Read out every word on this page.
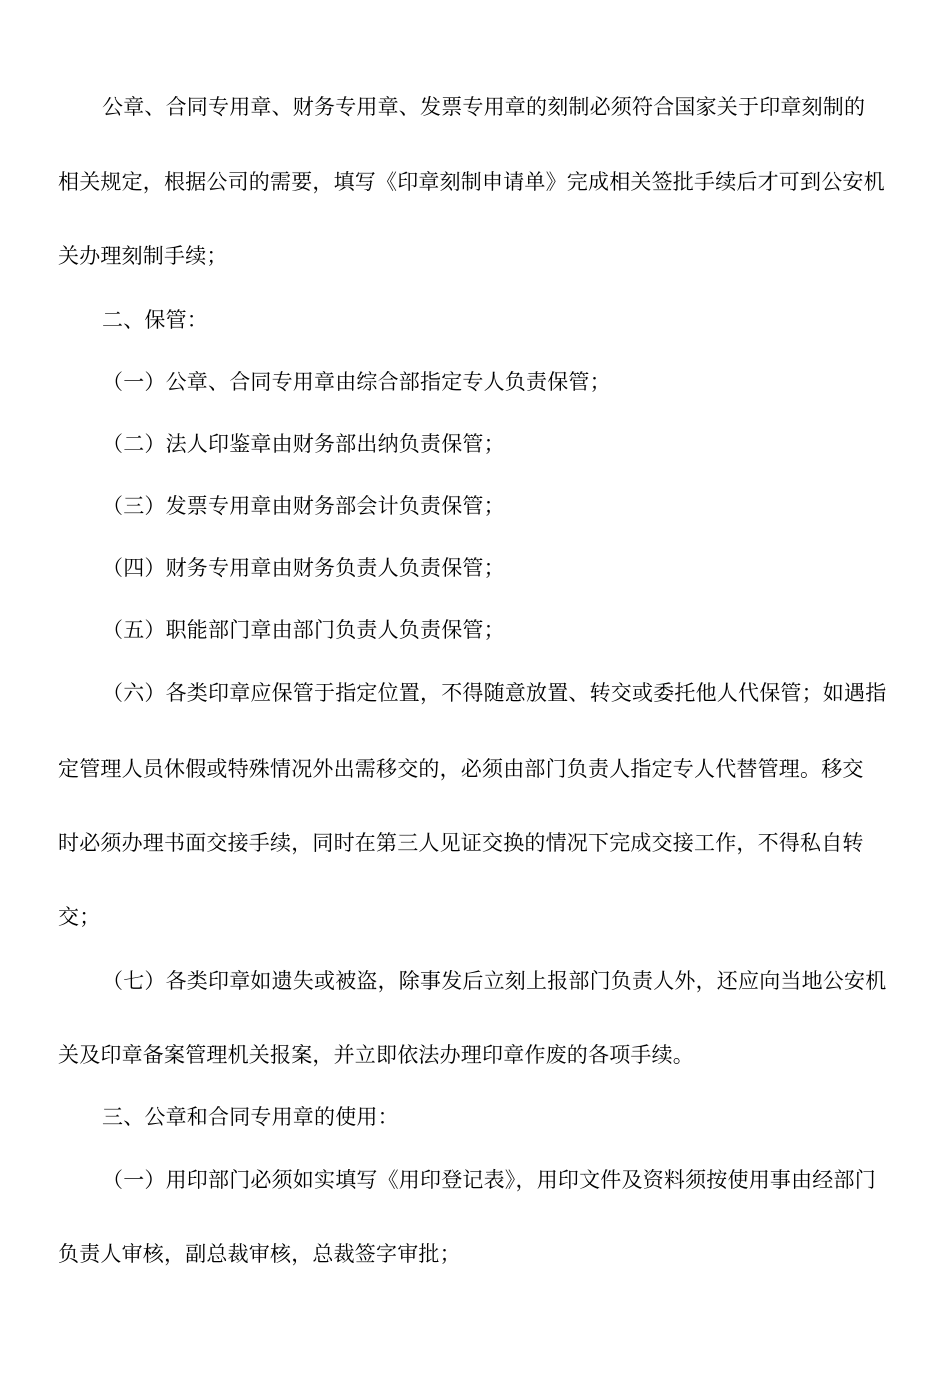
公章、合同专用章、财务专用章、发票专用章的刻制必须符合国家关于印章刻制的
相关规定，根据公司的需要，填写《印章刻制申请单》完成相关签批手续后才可到公安机
关办理刻制手续；
二、保管：
（一）公章、合同专用章由综合部指定专人负责保管；
（二）法人印鉴章由财务部出纳负责保管；
（三）发票专用章由财务部会计负责保管；
（四）财务专用章由财务负责人负责保管；
（五）职能部门章由部门负责人负责保管；
（六）各类印章应保管于指定位置，不得随意放置、转交或委托他人代保管；如遇指
定管理人员休假或特殊情况外出需移交的，必须由部门负责人指定专人代替管理。移交
时必须办理书面交接手续，同时在第三人见证交换的情况下完成交接工作，不得私自转
交；
（七）各类印章如遗失或被盗，除事发后立刻上报部门负责人外，还应向当地公安机
关及印章备案管理机关报案，并立即依法办理印章作废的各项手续。
三、公章和合同专用章的使用：
（一）用印部门必须如实填写《用印登记表》，用印文件及资料须按使用事由经部门
负责人审核，副总裁审核，总裁签字审批；
